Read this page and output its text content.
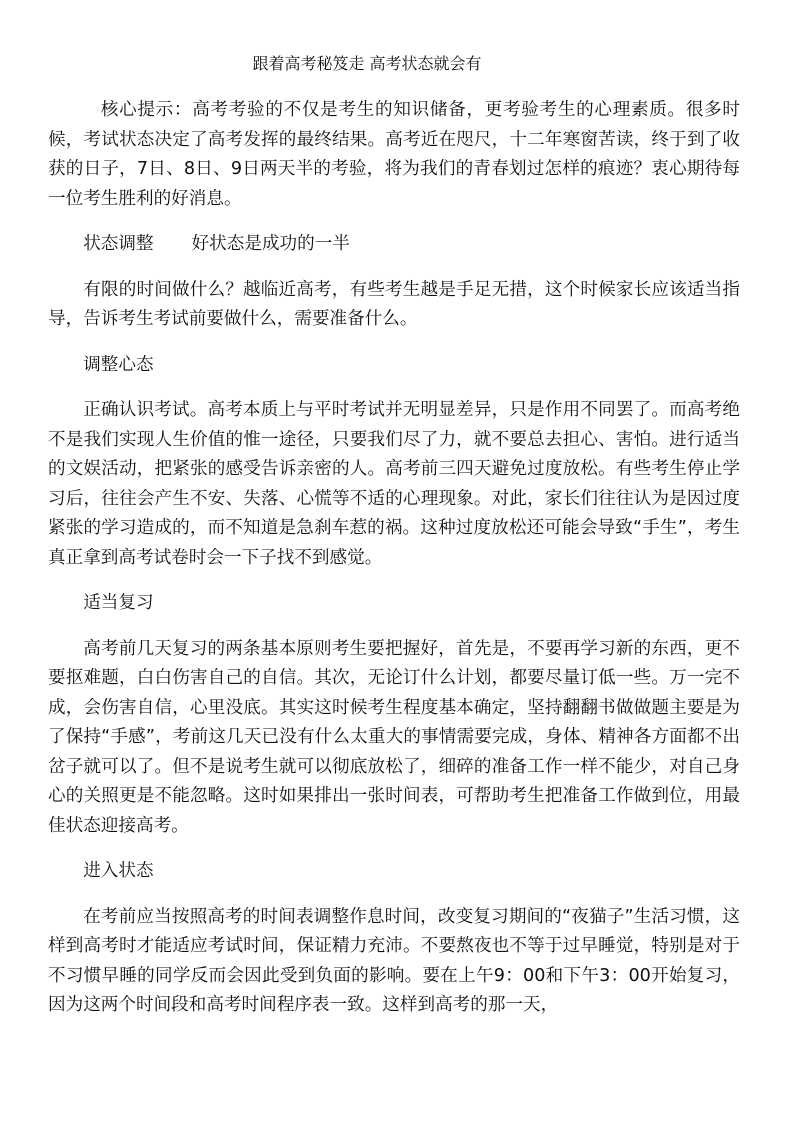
跟着高考秘笈走 高考状态就会有

核心提示：高考考验的不仅是考生的知识储备，更考验考生的心理素质。很多时候，考试状态决定了高考发挥的最终结果。高考近在咫尺，十二年寒窗苦读，终于到了收获的日子，7日、8日、9日两天半的考验，将为我们的青春划过怎样的痕迹？衷心期待每一位考生胜利的好消息。

状态调整 好状态是成功的一半

有限的时间做什么？越临近高考，有些考生越是手足无措，这个时候家长应该适当指导，告诉考生考试前要做什么，需要准备什么。

调整心态

正确认识考试。高考本质上与平时考试并无明显差异，只是作用不同罢了。而高考绝不是我们实现人生价值的惟一途径，只要我们尽了力，就不要总去担心、害怕。进行适当的文娱活动，把紧张的感受告诉亲密的人。高考前三四天避免过度放松。有些考生停止学习后，往往会产生不安、失落、心慌等不适的心理现象。对此，家长们往往认为是因过度紧张的学习造成的，而不知道是急刹车惹的祸。这种过度放松还可能会导致“手生”，考生真正拿到高考试卷时会一下子找不到感觉。

适当复习

高考前几天复习的两条基本原则考生要把握好，首先是，不要再学习新的东西，更不要抠难题，白白伤害自己的自信。其次，无论订什么计划，都要尽量订低一些。万一完不成，会伤害自信，心里没底。其实这时候考生程度基本确定，坚持翻翻书做做题主要是为了保持“手感”，考前这几天已没有什么太重大的事情需要完成，身体、精神各方面都不出岔子就可以了。但不是说考生就可以彻底放松了，细碎的准备工作一样不能少，对自己身心的关照更是不能忽略。这时如果排出一张时间表，可帮助考生把准备工作做到位，用最佳状态迎接高考。

进入状态

在考前应当按照高考的时间表调整作息时间，改变复习期间的“夜猫子”生活习惯，这样到高考时才能适应考试时间，保证精力充沛。不要熬夜也不等于过早睡觉，特别是对于不习惯早睡的同学反而会因此受到负面的影响。要在上午9：00和下午3：00开始复习，因为这两个时间段和高考时间程序表一致。这样到高考的那一天，
